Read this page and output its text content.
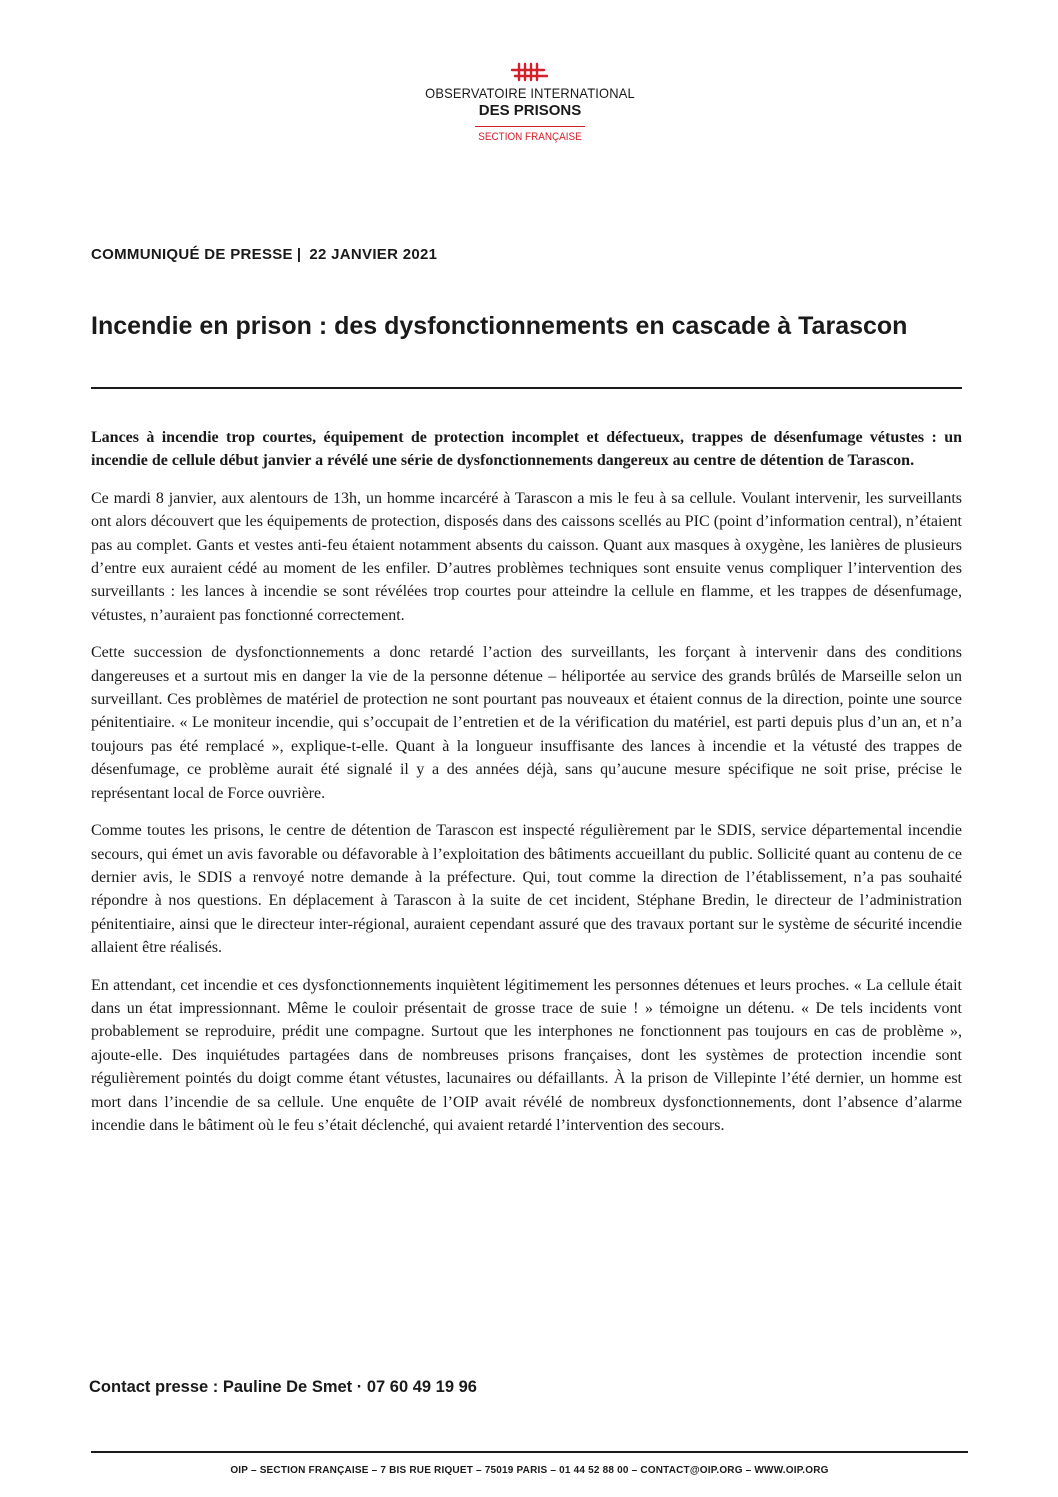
OBSERVATOIRE INTERNATIONAL
DES PRISONS
SECTION FRANÇAISE
COMMUNIQUÉ DE PRESSE | 22 JANVIER 2021
Incendie en prison : des dysfonctionnements en cascade à Tarascon

Lances à incendie trop courtes, équipement de protection incomplet et défectueux, trappes de désenfumage vétustes : un incendie de cellule début janvier a révélé une série de dysfonctionnements dangereux au centre de détention de Tarascon.

Ce mardi 8 janvier, aux alentours de 13h, un homme incarcéré à Tarascon a mis le feu à sa cellule. Voulant intervenir, les surveillants ont alors découvert que les équipements de protection, disposés dans des caissons scellés au PIC (point d’information central), n’étaient pas au complet. Gants et vestes anti-feu étaient notamment absents du caisson. Quant aux masques à oxygène, les lanières de plusieurs d’entre eux auraient cédé au moment de les enfiler. D’autres problèmes techniques sont ensuite venus compliquer l’intervention des surveillants : les lances à incendie se sont révélées trop courtes pour atteindre la cellule en flamme, et les trappes de désenfumage, vétustes, n’auraient pas fonctionné correctement.

Cette succession de dysfonctionnements a donc retardé l’action des surveillants, les forçant à intervenir dans des conditions dangereuses et a surtout mis en danger la vie de la personne détenue – héliportée au service des grands brûlés de Marseille selon un surveillant. Ces problèmes de matériel de protection ne sont pourtant pas nouveaux et étaient connus de la direction, pointe une source pénitentiaire. « Le moniteur incendie, qui s’occupait de l’entretien et de la vérification du matériel, est parti depuis plus d’un an, et n’a toujours pas été remplacé », explique-t-elle. Quant à la longueur insuffisante des lances à incendie et la vétusté des trappes de désenfumage, ce problème aurait été signalé il y a des années déjà, sans qu’aucune mesure spécifique ne soit prise, précise le représentant local de Force ouvrière.

Comme toutes les prisons, le centre de détention de Tarascon est inspecté régulièrement par le SDIS, service départemental incendie secours, qui émet un avis favorable ou défavorable à l’exploitation des bâtiments accueillant du public. Sollicité quant au contenu de ce dernier avis, le SDIS a renvoyé notre demande à la préfecture. Qui, tout comme la direction de l’établissement, n’a pas souhaité répondre à nos questions. En déplacement à Tarascon à la suite de cet incident, Stéphane Bredin, le directeur de l’administration pénitentiaire, ainsi que le directeur inter-régional, auraient cependant assuré que des travaux portant sur le système de sécurité incendie allaient être réalisés.

En attendant, cet incendie et ces dysfonctionnements inquiètent légitimement les personnes détenues et leurs proches. « La cellule était dans un état impressionnant. Même le couloir présentait de grosse trace de suie ! » témoigne un détenu. « De tels incidents vont probablement se reproduire, prédit une compagne. Surtout que les interphones ne fonctionnent pas toujours en cas de problème », ajoute-elle. Des inquiétudes partagées dans de nombreuses prisons françaises, dont les systèmes de protection incendie sont régulièrement pointés du doigt comme étant vétustes, lacunaires ou défaillants. À la prison de Villepinte l’été dernier, un homme est mort dans l’incendie de sa cellule. Une enquête de l’OIP avait révélé de nombreux dysfonctionnements, dont l’absence d’alarme incendie dans le bâtiment où le feu s’était déclenché, qui avaient retardé l’intervention des secours.

Contact presse : Pauline De Smet · 07 60 49 19 96
OIP – SECTION FRANÇAISE – 7 BIS RUE RIQUET – 75019 PARIS – 01 44 52 88 00 – CONTACT@OIP.ORG – WWW.OIP.ORG
